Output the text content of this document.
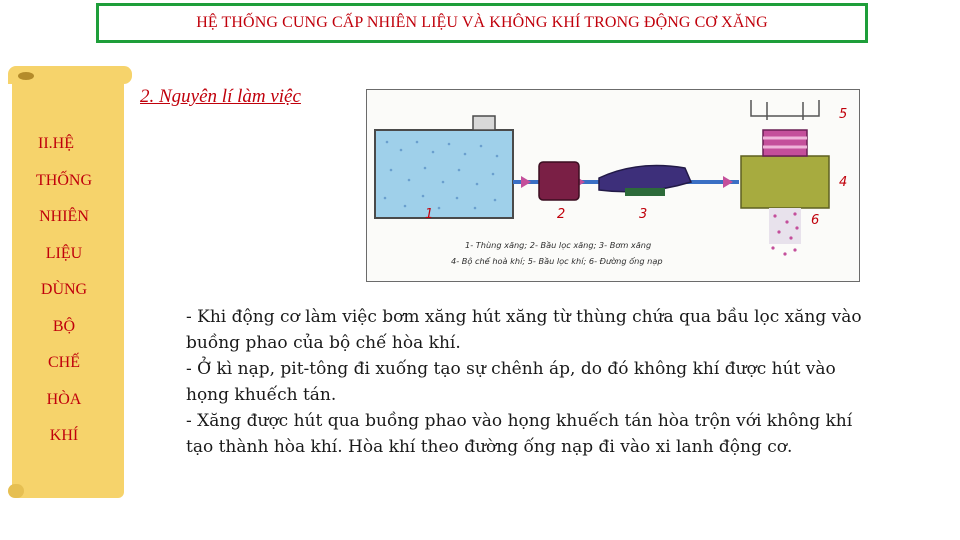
HỆ THỐNG CUNG CẤP NHIÊN LIỆU VÀ KHÔNG KHÍ TRONG ĐỘNG CƠ XĂNG
II.HỆ
THỐNG
NHIÊN
LIỆU
DÙNG
BỘ
CHẾ
HÒA
KHÍ
2. Nguyên lí làm việc
1	2	3
4
5
6
1- Thùng xăng; 2- Bầu lọc xăng; 3- Bơm xăng
4- Bộ chế hoà khí; 5- Bầu lọc khí; 6- Đường ống nạp

- Khi động cơ làm việc bơm xăng hút xăng từ thùng chứa qua bầu lọc xăng vào buồng phao của bộ chế hòa khí.

- Ở kì nạp, pit-tông đi xuống tạo sự chênh áp, do đó không khí được hút vào họng khuếch tán.

- Xăng được hút qua buồng phao vào họng khuếch tán hòa trộn với không khí tạo thành hòa khí. Hòa khí theo đường ống nạp đi vào xi lanh động cơ.
